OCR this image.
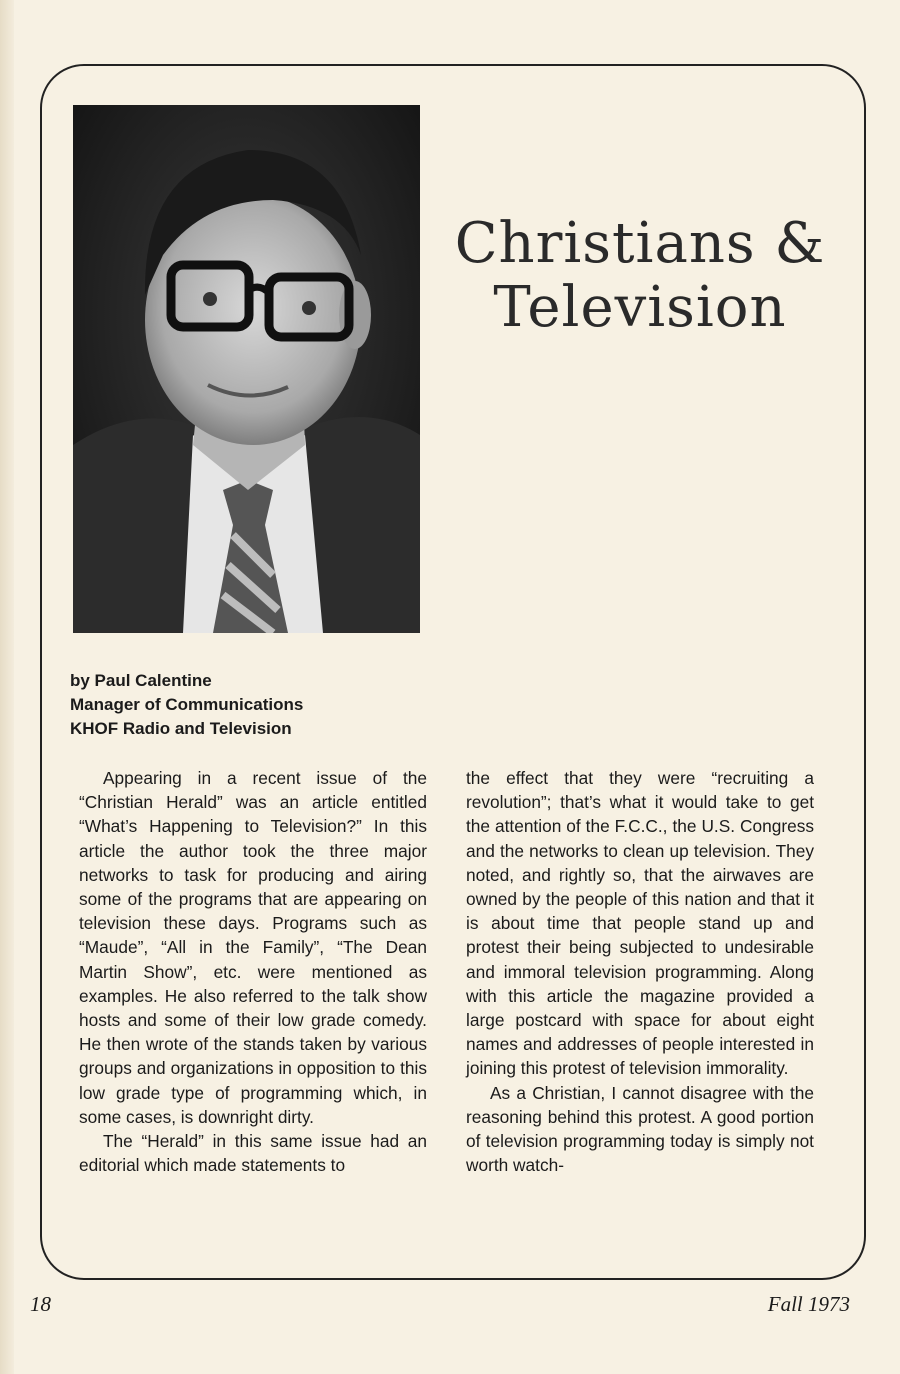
Christians &
Television
by Paul Calentine
Manager of Communications
KHOF Radio and Television

Appearing in a recent issue of the “Christian Herald” was an article entitled “What’s Happening to Television?” In this article the author took the three major networks to task for producing and airing some of the programs that are appearing on television these days. Programs such as “Maude”, “All in the Family”, “The Dean Martin Show”, etc. were mentioned as examples. He also referred to the talk show hosts and some of their low grade comedy. He then wrote of the stands taken by various groups and organizations in opposition to this low grade type of programming which, in some cases, is downright dirty.

The “Herald” in this same issue had an editorial which made statements to

the effect that they were “recruiting a revolution”; that’s what it would take to get the attention of the F.C.C., the U.S. Congress and the networks to clean up television. They noted, and rightly so, that the airwaves are owned by the people of this nation and that it is about time that people stand up and protest their being subjected to undesirable and immoral television programming. Along with this article the magazine provided a large postcard with space for about eight names and addresses of people interested in joining this protest of television immorality.

As a Christian, I cannot disagree with the reasoning behind this protest. A good portion of television programming today is simply not worth watch-

18	Fall 1973
